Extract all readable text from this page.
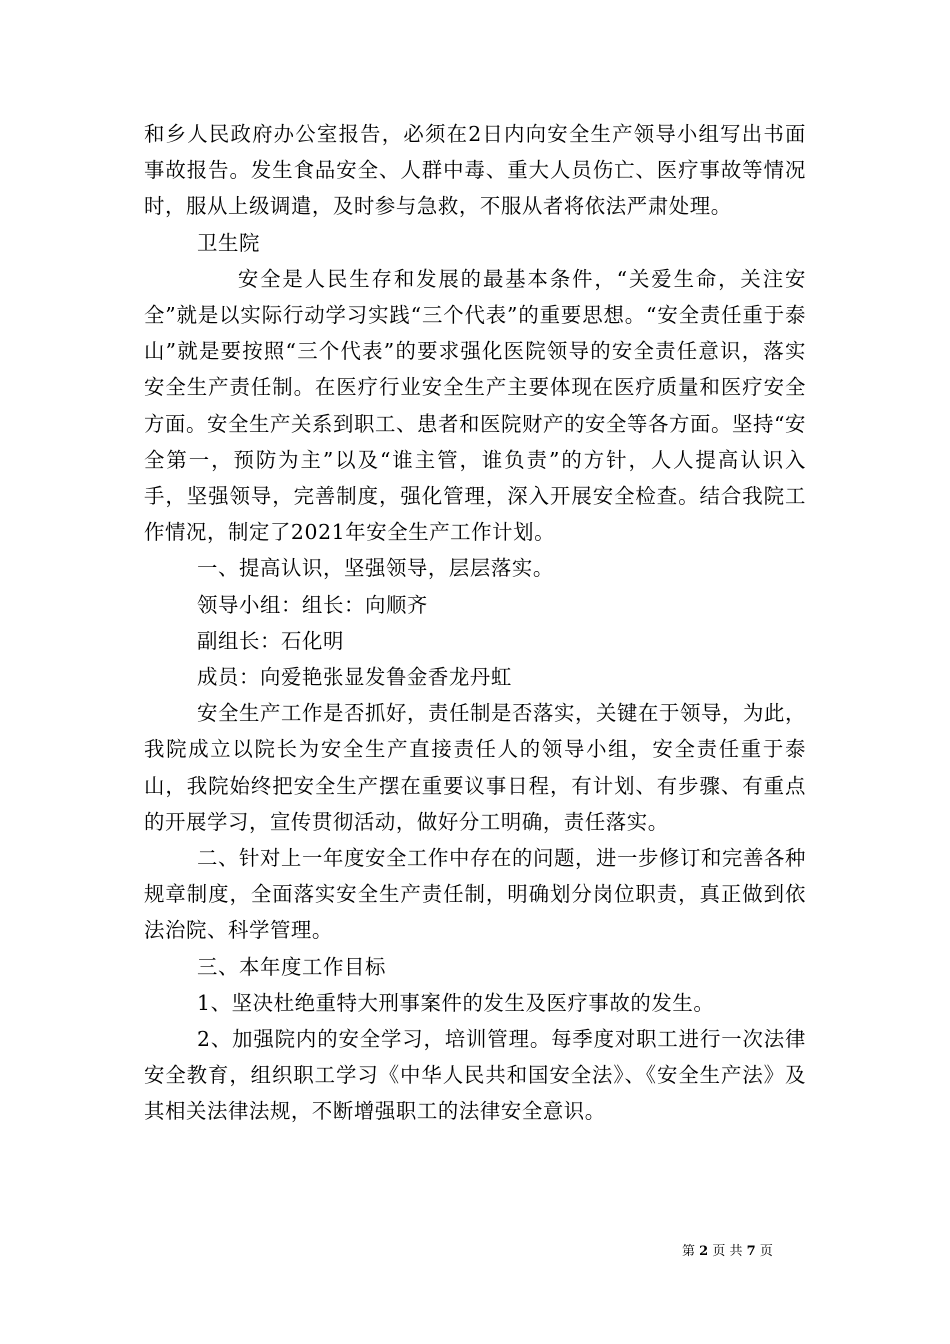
和乡人民政府办公室报告，必须在2日内向安全生产领导小组写出书面事故报告。发生食品安全、人群中毒、重大人员伤亡、医疗事故等情况时，服从上级调遣，及时参与急救，不服从者将依法严肃处理。

卫生院

安全是人民生存和发展的最基本条件，“关爱生命，关注安全”就是以实际行动学习实践“三个代表”的重要思想。“安全责任重于泰山”就是要按照“三个代表”的要求强化医院领导的安全责任意识，落实安全生产责任制。在医疗行业安全生产主要体现在医疗质量和医疗安全方面。安全生产关系到职工、患者和医院财产的安全等各方面。坚持“安全第一，预防为主”以及“谁主管，谁负责”的方针，人人提高认识入手，坚强领导，完善制度，强化管理，深入开展安全检查。结合我院工作情况，制定了2021年安全生产工作计划。

一、提高认识，坚强领导，层层落实。

领导小组：组长：向顺齐

副组长：石化明

成员：向爱艳张显发鲁金香龙丹虹

安全生产工作是否抓好，责任制是否落实，关键在于领导，为此，我院成立以院长为安全生产直接责任人的领导小组，安全责任重于泰山，我院始终把安全生产摆在重要议事日程，有计划、有步骤、有重点的开展学习，宣传贯彻活动，做好分工明确，责任落实。

二、针对上一年度安全工作中存在的问题，进一步修订和完善各种规章制度，全面落实安全生产责任制，明确划分岗位职责，真正做到依法治院、科学管理。

三、本年度工作目标

1、坚决杜绝重特大刑事案件的发生及医疗事故的发生。

2、加强院内的安全学习，培训管理。每季度对职工进行一次法律安全教育，组织职工学习《中华人民共和国安全法》、《安全生产法》及其相关法律法规，不断增强职工的法律安全意识。

第 2 页 共 7 页
